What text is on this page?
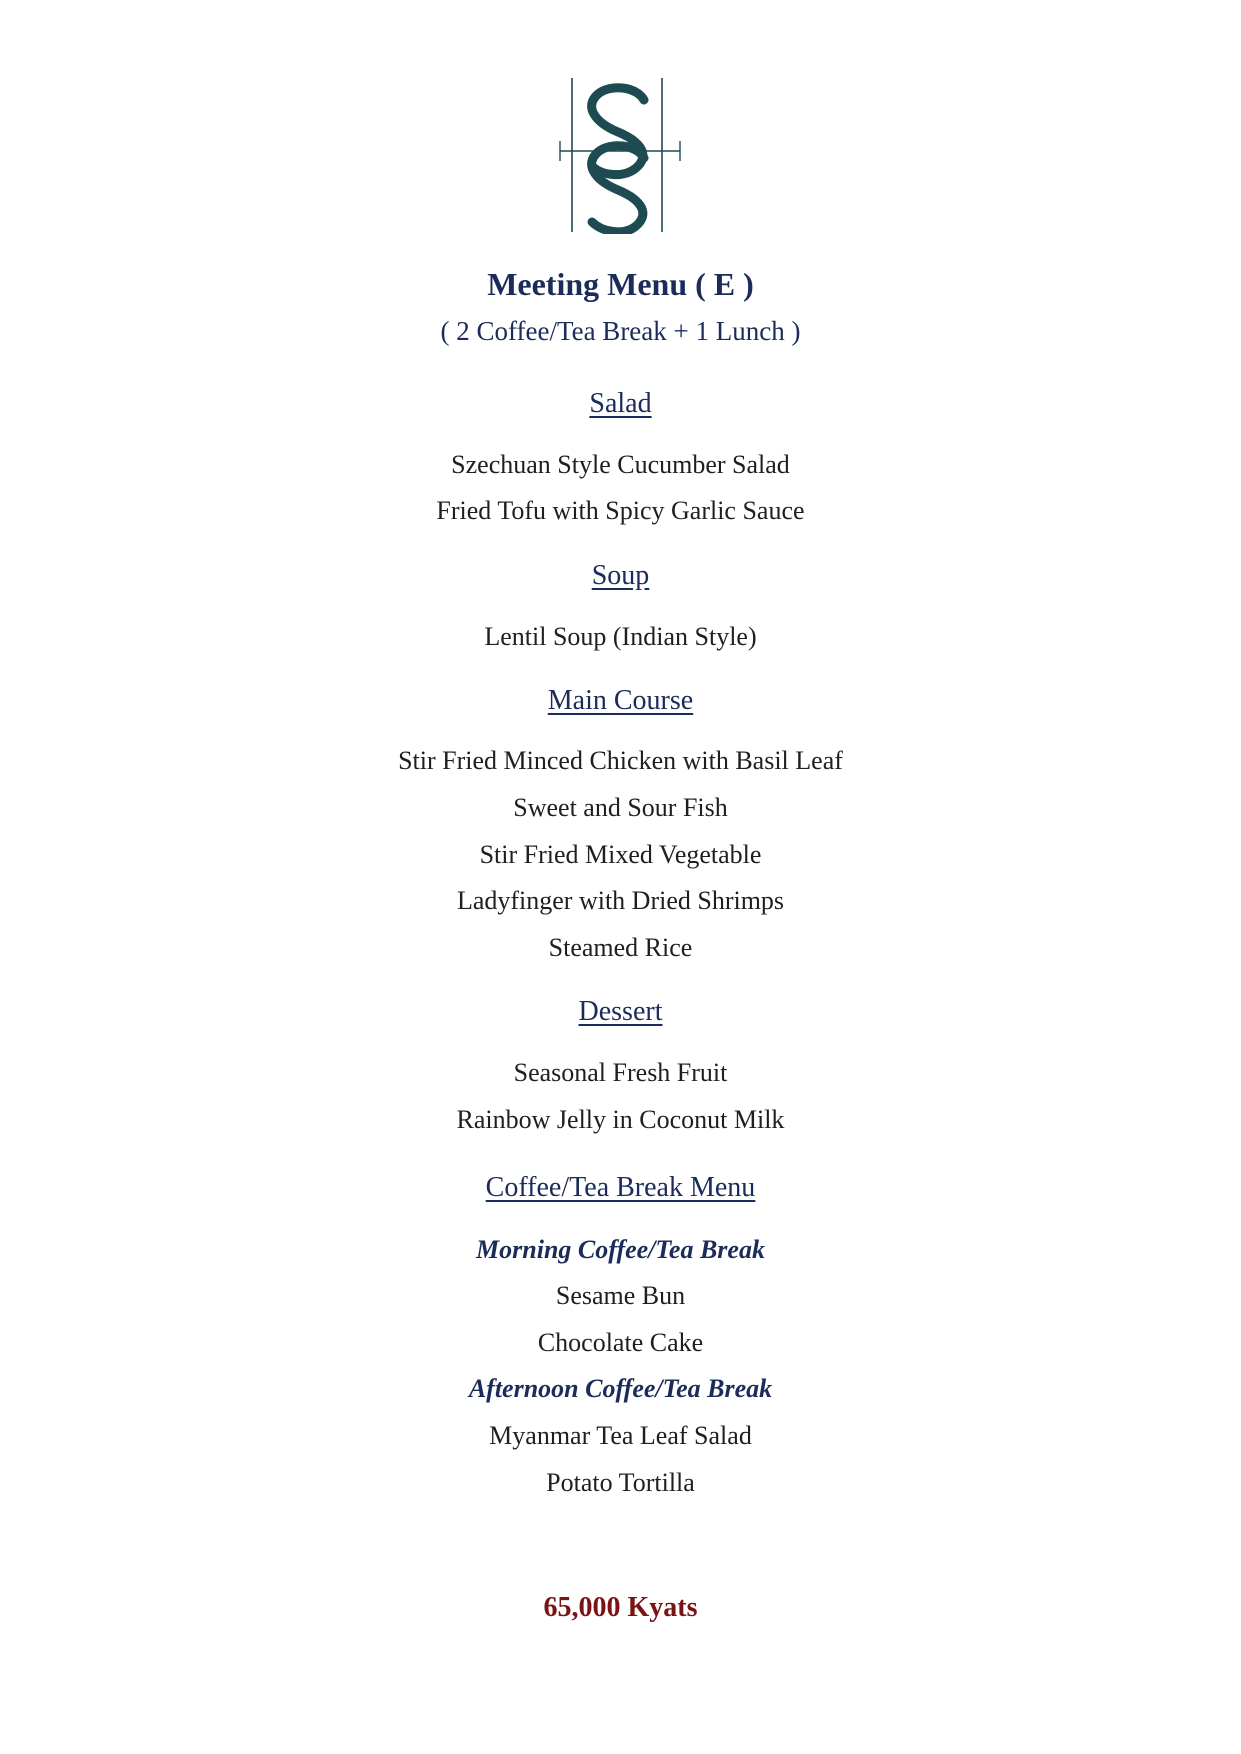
Meeting Menu ( E )
( 2 Coffee/Tea Break + 1 Lunch )
Salad
Szechuan Style Cucumber Salad
Fried Tofu with Spicy Garlic Sauce
Soup
Lentil Soup (Indian Style)
Main Course
Stir Fried Minced Chicken with Basil Leaf
Sweet and Sour Fish
Stir Fried Mixed Vegetable
Ladyfinger with Dried Shrimps
Steamed Rice
Dessert
Seasonal Fresh Fruit
Rainbow Jelly in Coconut Milk
Coffee/Tea Break Menu
Morning Coffee/Tea Break
Sesame Bun
Chocolate Cake
Afternoon Coffee/Tea Break
Myanmar Tea Leaf Salad
Potato Tortilla
65,000 Kyats
